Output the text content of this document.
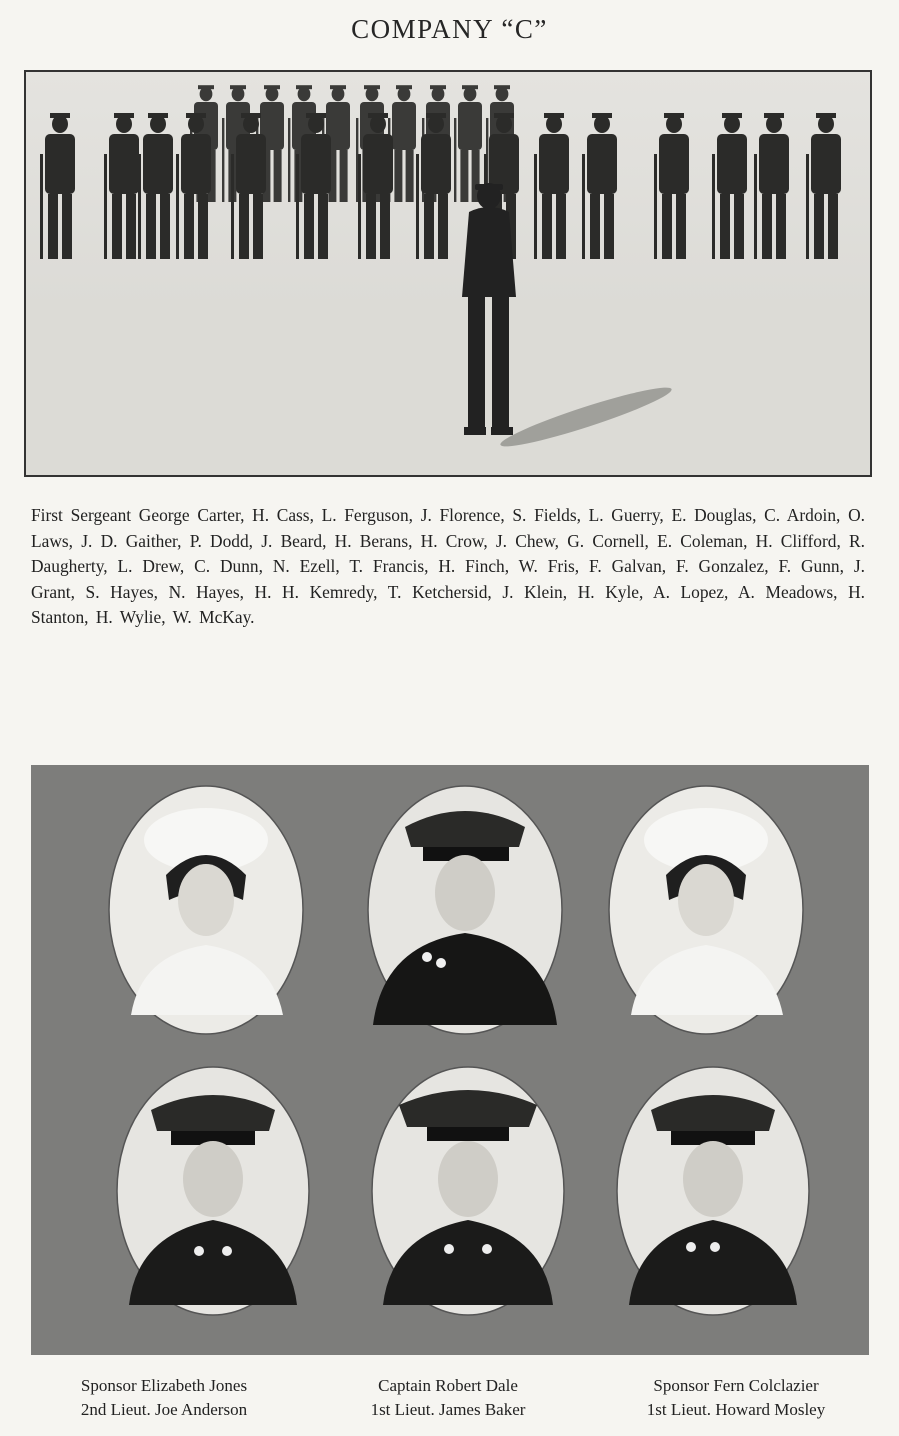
COMPANY “C”
First Sergeant George Carter, H. Cass, L. Ferguson, J. Florence, S. Fields, L. Guerry, E. Douglas, C. Ardoin, O. Laws, J. D. Gaither, P. Dodd, J. Beard, H. Berans, H. Crow, J. Chew, G. Cornell, E. Coleman, H. Clifford, R. Daugherty, L. Drew, C. Dunn, N. Ezell, T. Francis, H. Finch, W. Fris, F. Galvan, F. Gonzalez, F. Gunn, J. Grant, S. Hayes, N. Hayes, H. H. Kemredy, T. Ketchersid, J. Klein, H. Kyle, A. Lopez, A. Meadows, H. Stanton, H. Wylie, W. McKay.
Sponsor Elizabeth Jones
2nd Lieut. Joe Anderson
Captain Robert Dale
1st Lieut. James Baker
Sponsor Fern Colclazier
1st Lieut. Howard Mosley
